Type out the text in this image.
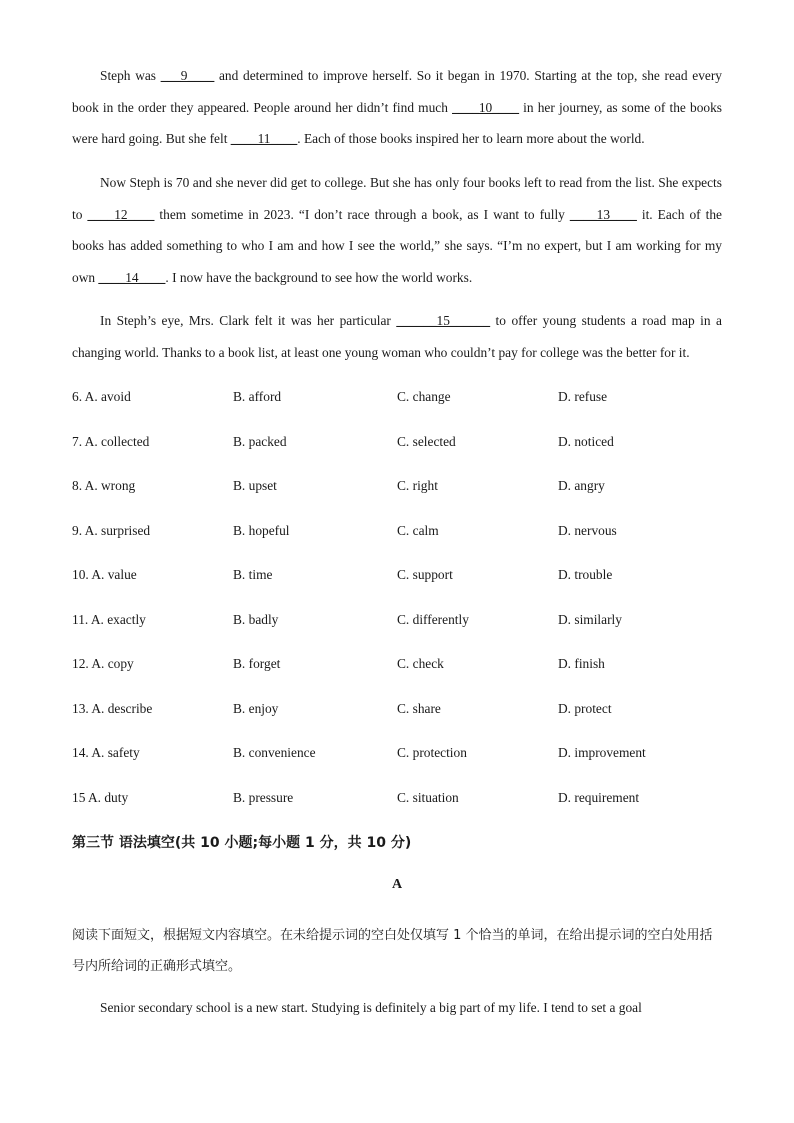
Steph was ___9____ and determined to improve herself. So it began in 1970. Starting at the top, she read every book in the order they appeared. People around her didn’t find much ____10____ in her journey, as some of the books were hard going. But she felt ____11____. Each of those books inspired her to learn more about the world.

Now Steph is 70 and she never did get to college. But she has only four books left to read from the list. She expects to ____12____ them sometime in 2023. “I don’t race through a book, as I want to fully ____13____ it. Each of the books has added something to who I am and how I see the world,” she says. “I’m no expert, but I am working for my own ____14____. I now have the background to see how the world works.

In Steph’s eye, Mrs. Clark felt it was her particular ______15______ to offer young students a road map in a changing world. Thanks to a book list, at least one young woman who couldn’t pay for college was the better for it.

6. A. avoid	B. afford	C. change	D. refuse
7. A. collected	B. packed	C. selected	D. noticed
8. A. wrong	B. upset	C. right	D. angry
9. A. surprised	B. hopeful	C. calm	D. nervous
10. A. value	B. time	C. support	D. trouble
11. A. exactly	B. badly	C. differently	D. similarly
12. A. copy	B. forget	C. check	D. finish
13. A. describe	B. enjoy	C. share	D. protect
14. A. safety	B. convenience	C. protection	D. improvement
15 A. duty	B. pressure	C. situation	D. requirement

第三节 语法填空(共 10 小题;每小题 1 分，共 10 分)

A

阅读下面短文，根据短文内容填空。在未给提示词的空白处仅填写 1 个恰当的单词，在给出提示词的空白处用括号内所给词的正确形式填空。

Senior secondary school is a new start. Studying is definitely a big part of my life. I tend to set a goal
